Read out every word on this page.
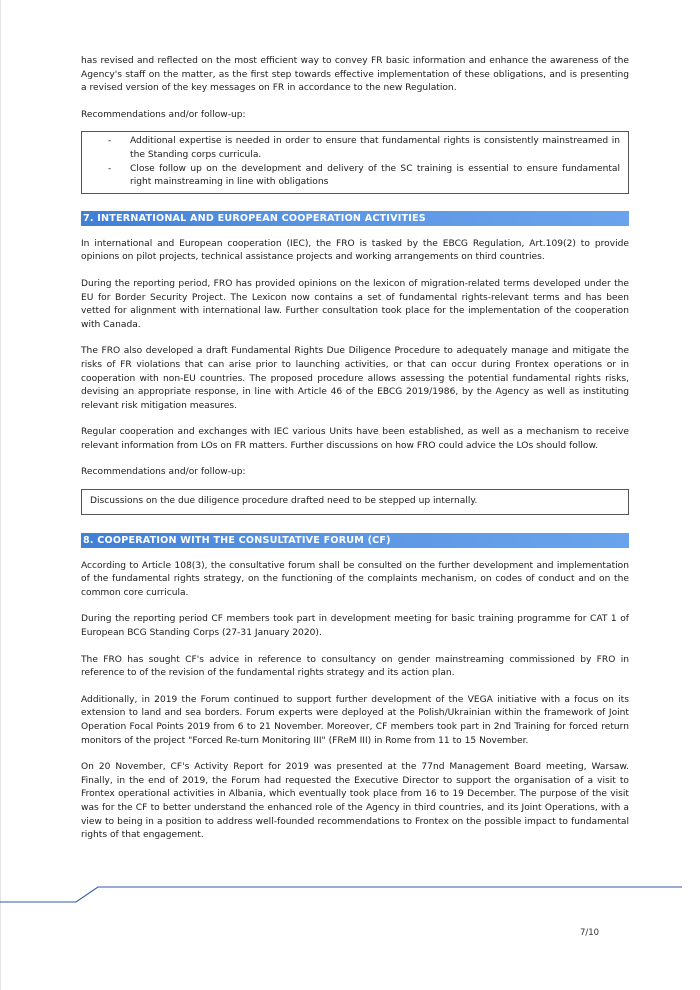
has revised and reflected on the most efficient way to convey FR basic information and enhance the awareness of the Agency's staff on the matter, as the first step towards effective implementation of these obligations, and is presenting a revised version of the key messages on FR in accordance to the new Regulation.

Recommendations and/or follow-up:

- Additional expertise is needed in order to ensure that fundamental rights is consistently mainstreamed in the Standing corps curricula.
- Close follow up on the development and delivery of the SC training is essential to ensure fundamental right mainstreaming in line with obligations
7. INTERNATIONAL AND EUROPEAN COOPERATION ACTIVITIES

In international and European cooperation (IEC), the FRO is tasked by the EBCG Regulation, Art.109(2) to provide opinions on pilot projects, technical assistance projects and working arrangements on third countries.

During the reporting period, FRO has provided opinions on the lexicon of migration-related terms developed under the EU for Border Security Project. The Lexicon now contains a set of fundamental rights-relevant terms and has been vetted for alignment with international law. Further consultation took place for the implementation of the cooperation with Canada.

The FRO also developed a draft Fundamental Rights Due Diligence Procedure to adequately manage and mitigate the risks of FR violations that can arise prior to launching activities, or that can occur during Frontex operations or in cooperation with non-EU countries. The proposed procedure allows assessing the potential fundamental rights risks, devising an appropriate response, in line with Article 46 of the EBCG 2019/1986, by the Agency as well as instituting relevant risk mitigation measures.

Regular cooperation and exchanges with IEC various Units have been established, as well as a mechanism to receive relevant information from LOs on FR matters. Further discussions on how FRO could advice the LOs should follow.

Recommendations and/or follow-up:

Discussions on the due diligence procedure drafted need to be stepped up internally.

8. COOPERATION WITH THE CONSULTATIVE FORUM (CF)

According to Article 108(3), the consultative forum shall be consulted on the further development and implementation of the fundamental rights strategy, on the functioning of the complaints mechanism, on codes of conduct and on the common core curricula.

During the reporting period CF members took part in development meeting for basic training programme for CAT 1 of European BCG Standing Corps (27-31 January 2020).

The FRO has sought CF's advice in reference to consultancy on gender mainstreaming commissioned by FRO in reference to of the revision of the fundamental rights strategy and its action plan.

Additionally, in 2019 the Forum continued to support further development of the VEGA initiative with a focus on its extension to land and sea borders. Forum experts were deployed at the Polish/Ukrainian within the framework of Joint Operation Focal Points 2019 from 6 to 21 November. Moreover, CF members took part in 2nd Training for forced return monitors of the project "Forced Re-turn Monitoring III" (FReM III) in Rome from 11 to 15 November.

On 20 November, CF's Activity Report for 2019 was presented at the 77nd Management Board meeting, Warsaw. Finally, in the end of 2019, the Forum had requested the Executive Director to support the organisation of a visit to Frontex operational activities in Albania, which eventually took place from 16 to 19 December. The purpose of the visit was for the CF to better understand the enhanced role of the Agency in third countries, and its Joint Operations, with a view to being in a position to address well-founded recommendations to Frontex on the possible impact to fundamental rights of that engagement.

7/10
